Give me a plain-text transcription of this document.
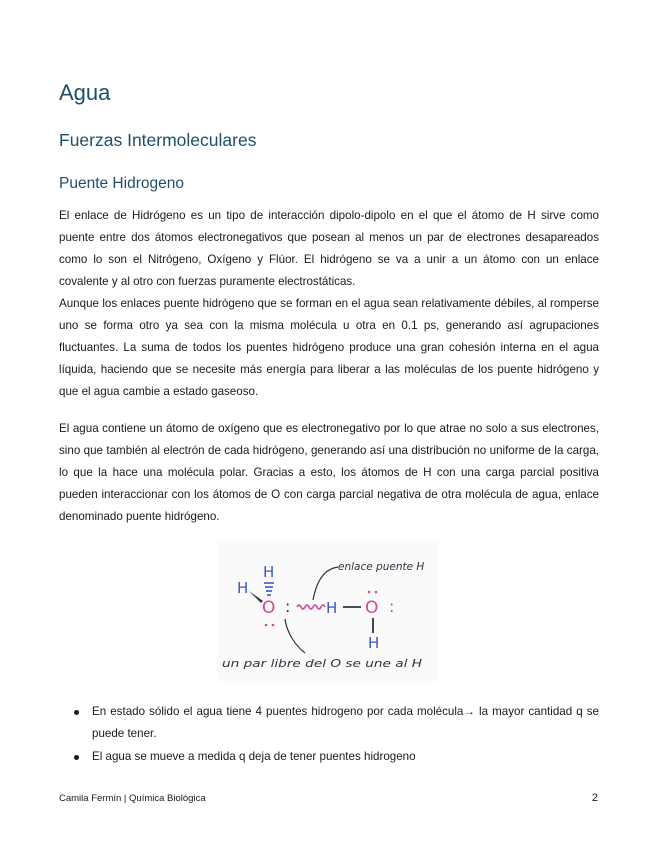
Agua
Fuerzas Intermoleculares
Puente Hidrogeno

El enlace de Hidrógeno es un tipo de interacción dipolo-dipolo en el que el átomo de H sirve como puente entre dos átomos electronegativos que posean al menos un par de electrones desapareados como lo son el Nitrógeno, Oxígeno y Flúor. El hidrógeno se va a unir a un átomo con un enlace covalente y al otro con fuerzas puramente electrostáticas.

Aunque los enlaces puente hidrógeno que se forman en el agua sean relativamente débiles, al romperse uno se forma otro ya sea con la misma molécula u otra en 0.1 ps, generando así agrupaciones fluctuantes. La suma de todos los puentes hidrógeno produce una gran cohesión interna en el agua líquida, haciendo que se necesite más energía para liberar a las moléculas de los puente hidrógeno y que el agua cambie a estado gaseoso.

El agua contiene un átomo de oxígeno que es electronegativo por lo que atrae no solo a sus electrones, sino que también al electrón de cada hidrógeno, generando así una distribución no uniforme de la carga, lo que la hace una molécula polar. Gracias a esto, los átomos de H con una carga parcial positiva pueden interaccionar con los átomos de O con carga parcial negativa de otra molécula de agua, enlace denominado puente hidrógeno.

H
H
O : H O :
H
enlace puente H
un par libre del O se une al H
En estado sólido el agua tiene 4 puentes hidrogeno por cada molécula→ la mayor cantidad q se puede tener.
El agua se mueve a medida q deja de tener puentes hidrogeno

Camila Fermín | Química Biológica	2
